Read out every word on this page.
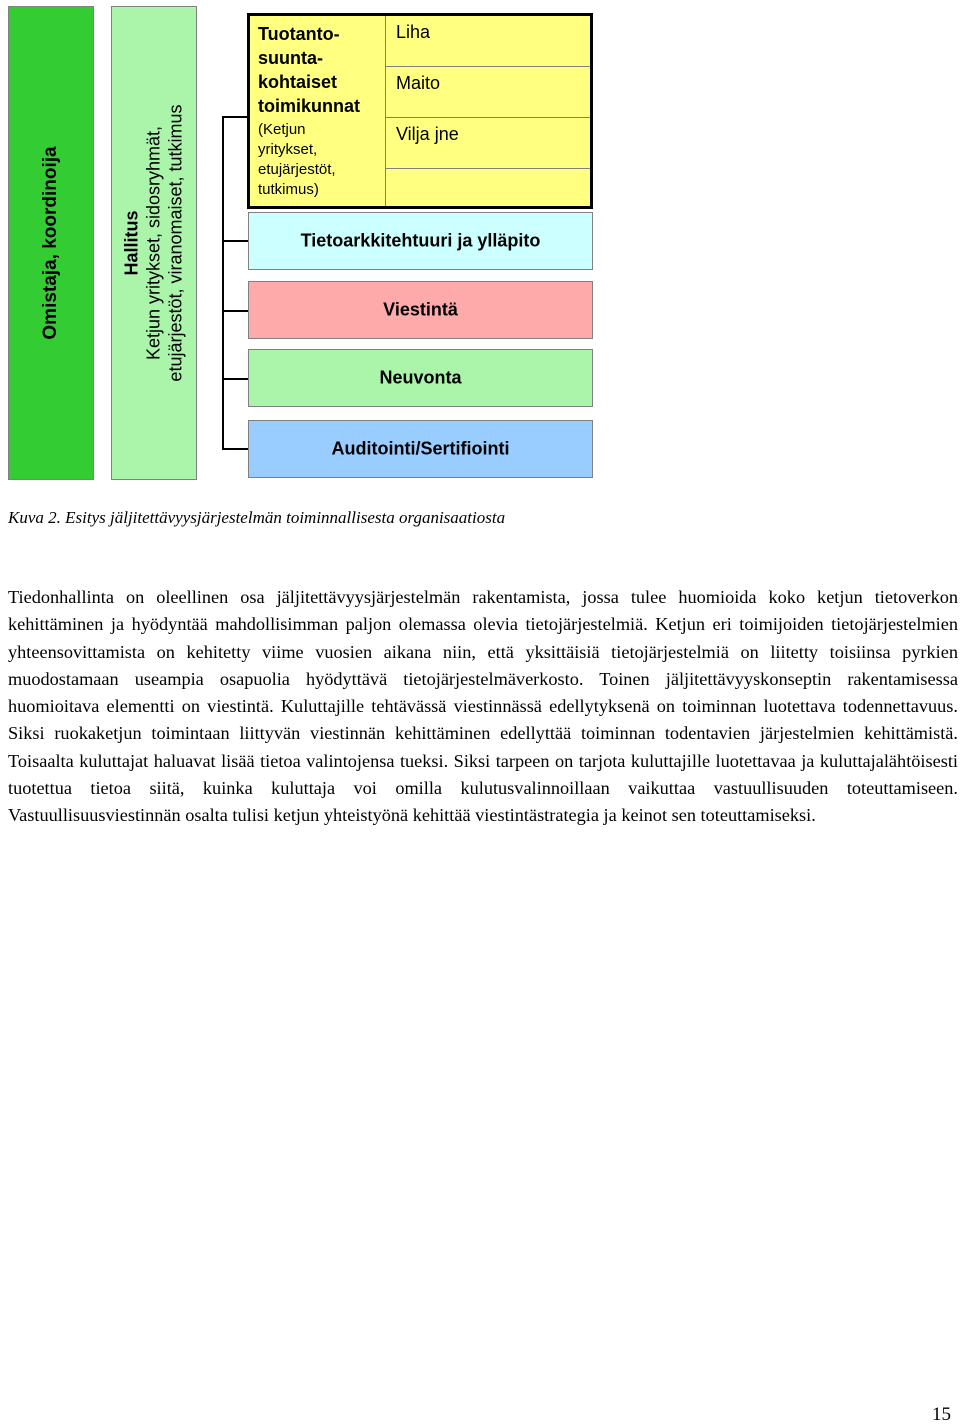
Omistaja, koordinoija	Hallitus Ketjun yritykset, sidosryhmät, etujärjestöt, viranomaiset, tutkimus
Tuotanto-
suunta-
kohtaiset
toimikunnat
(Ketjun
yritykset,
etujärjestöt,
tutkimus)
Liha
Maito
Vilja jne
Tietoarkkitehtuuri ja ylläpito
Viestintä
Neuvonta
Auditointi/Sertifiointi
Kuva 2. Esitys jäljitettävyysjärjestelmän toiminnallisesta organisaatiosta
Tiedonhallinta on oleellinen osa jäljitettävyysjärjestelmän rakentamista, jossa tulee huomioida koko ketjun tietoverkon kehittäminen ja hyödyntää mahdollisimman paljon olemassa olevia tietojärjestelmiä. Ketjun eri toimijoiden tietojärjestelmien yhteensovittamista on kehitetty viime vuosien aikana niin, että yksittäisiä tietojärjestelmiä on liitetty toisiinsa pyrkien muodostamaan useampia osapuolia hyödyttävä tietojärjestelmäverkosto. Toinen jäljitettävyyskonseptin rakentamisessa huomioitava elementti on viestintä. Kuluttajille tehtävässä viestinnässä edellytyksenä on toiminnan luotettava todennettavuus. Siksi ruokaketjun toimintaan liittyvän viestinnän kehittäminen edellyttää toiminnan todentavien järjestelmien kehittämistä. Toisaalta kuluttajat haluavat lisää tietoa valintojensa tueksi. Siksi tarpeen on tarjota kuluttajille luotettavaa ja kuluttajalähtöisesti tuotettua tietoa siitä, kuinka kuluttaja voi omilla kulutusvalinnoillaan vaikuttaa vastuullisuuden toteuttamiseen. Vastuullisuusviestinnän osalta tulisi ketjun yhteistyönä kehittää viestintästrategia ja keinot sen toteuttamiseksi.
15
